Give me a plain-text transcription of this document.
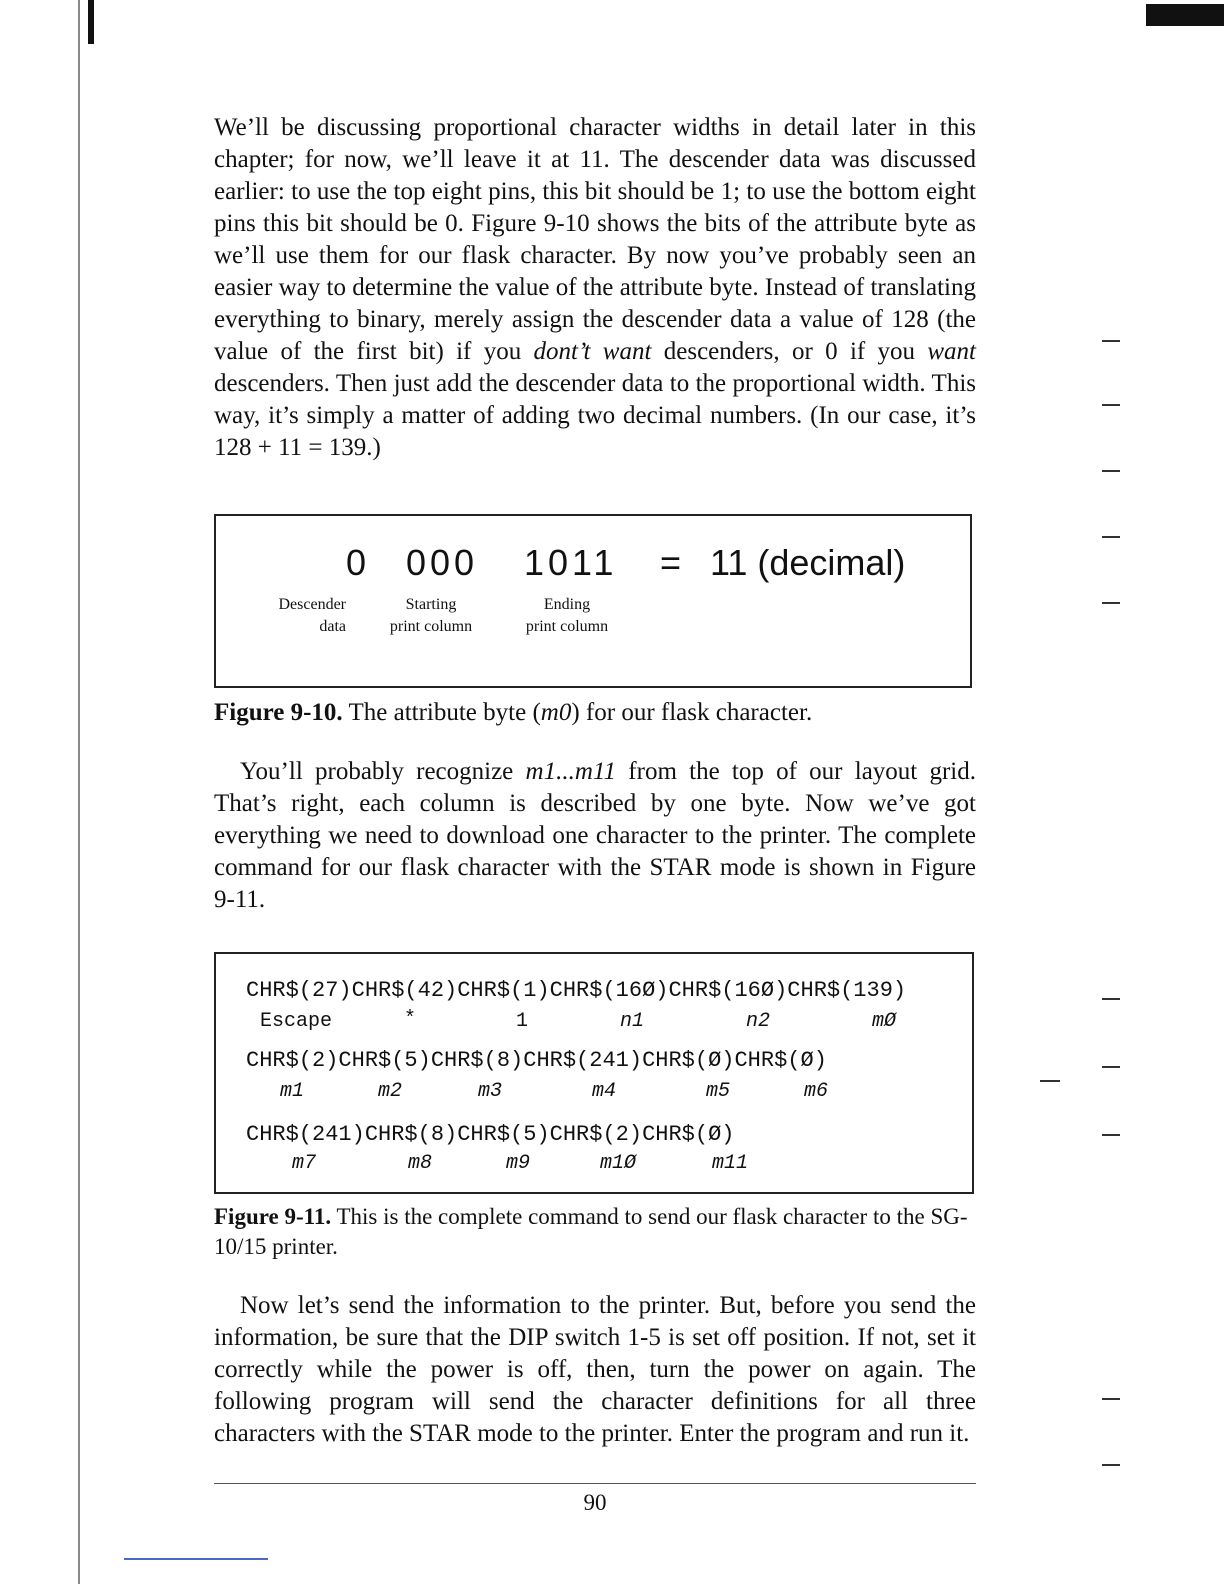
We’ll be discussing proportional character widths in detail later in this chapter; for now, we’ll leave it at 11. The descender data was discussed earlier: to use the top eight pins, this bit should be 1; to use the bottom eight pins this bit should be 0. Figure 9-10 shows the bits of the attribute byte as we’ll use them for our flask character. By now you’ve probably seen an easier way to determine the value of the attribute byte. Instead of translating everything to binary, merely assign the descender data a value of 128 (the value of the first bit) if you dont’t want descenders, or 0 if you want descenders. Then just add the descender data to the proportional width. This way, it’s simply a matter of adding two decimal numbers. (In our case, it’s 128 + 11 = 139.)

0 000 1011 = 11 (decimal)
Descender
data
Starting
print column
Ending
print column

Figure 9-10. The attribute byte (m0) for our flask character.

You’ll probably recognize m1...m11 from the top of our layout grid. That’s right, each column is described by one byte. Now we’ve got everything we need to download one character to the printer. The complete command for our flask character with the STAR mode is shown in Figure 9-11.

CHR$(27)CHR$(42)CHR$(1)CHR$(16Ø)CHR$(16Ø)CHR$(139)
Escape	*	1	n1	n2	mØ
CHR$(2)CHR$(5)CHR$(8)CHR$(241)CHR$(Ø)CHR$(Ø)
m1	m2	m3	m4	m5	m6
CHR$(241)CHR$(8)CHR$(5)CHR$(2)CHR$(Ø)
m7	m8	m9	m1Ø	m11

Figure 9-11. This is the complete command to send our flask character to the SG-10/15 printer.

Now let’s send the information to the printer. But, before you send the information, be sure that the DIP switch 1-5 is set off position. If not, set it correctly while the power is off, then, turn the power on again. The following program will send the character definitions for all three characters with the STAR mode to the printer. Enter the program and run it.

90
